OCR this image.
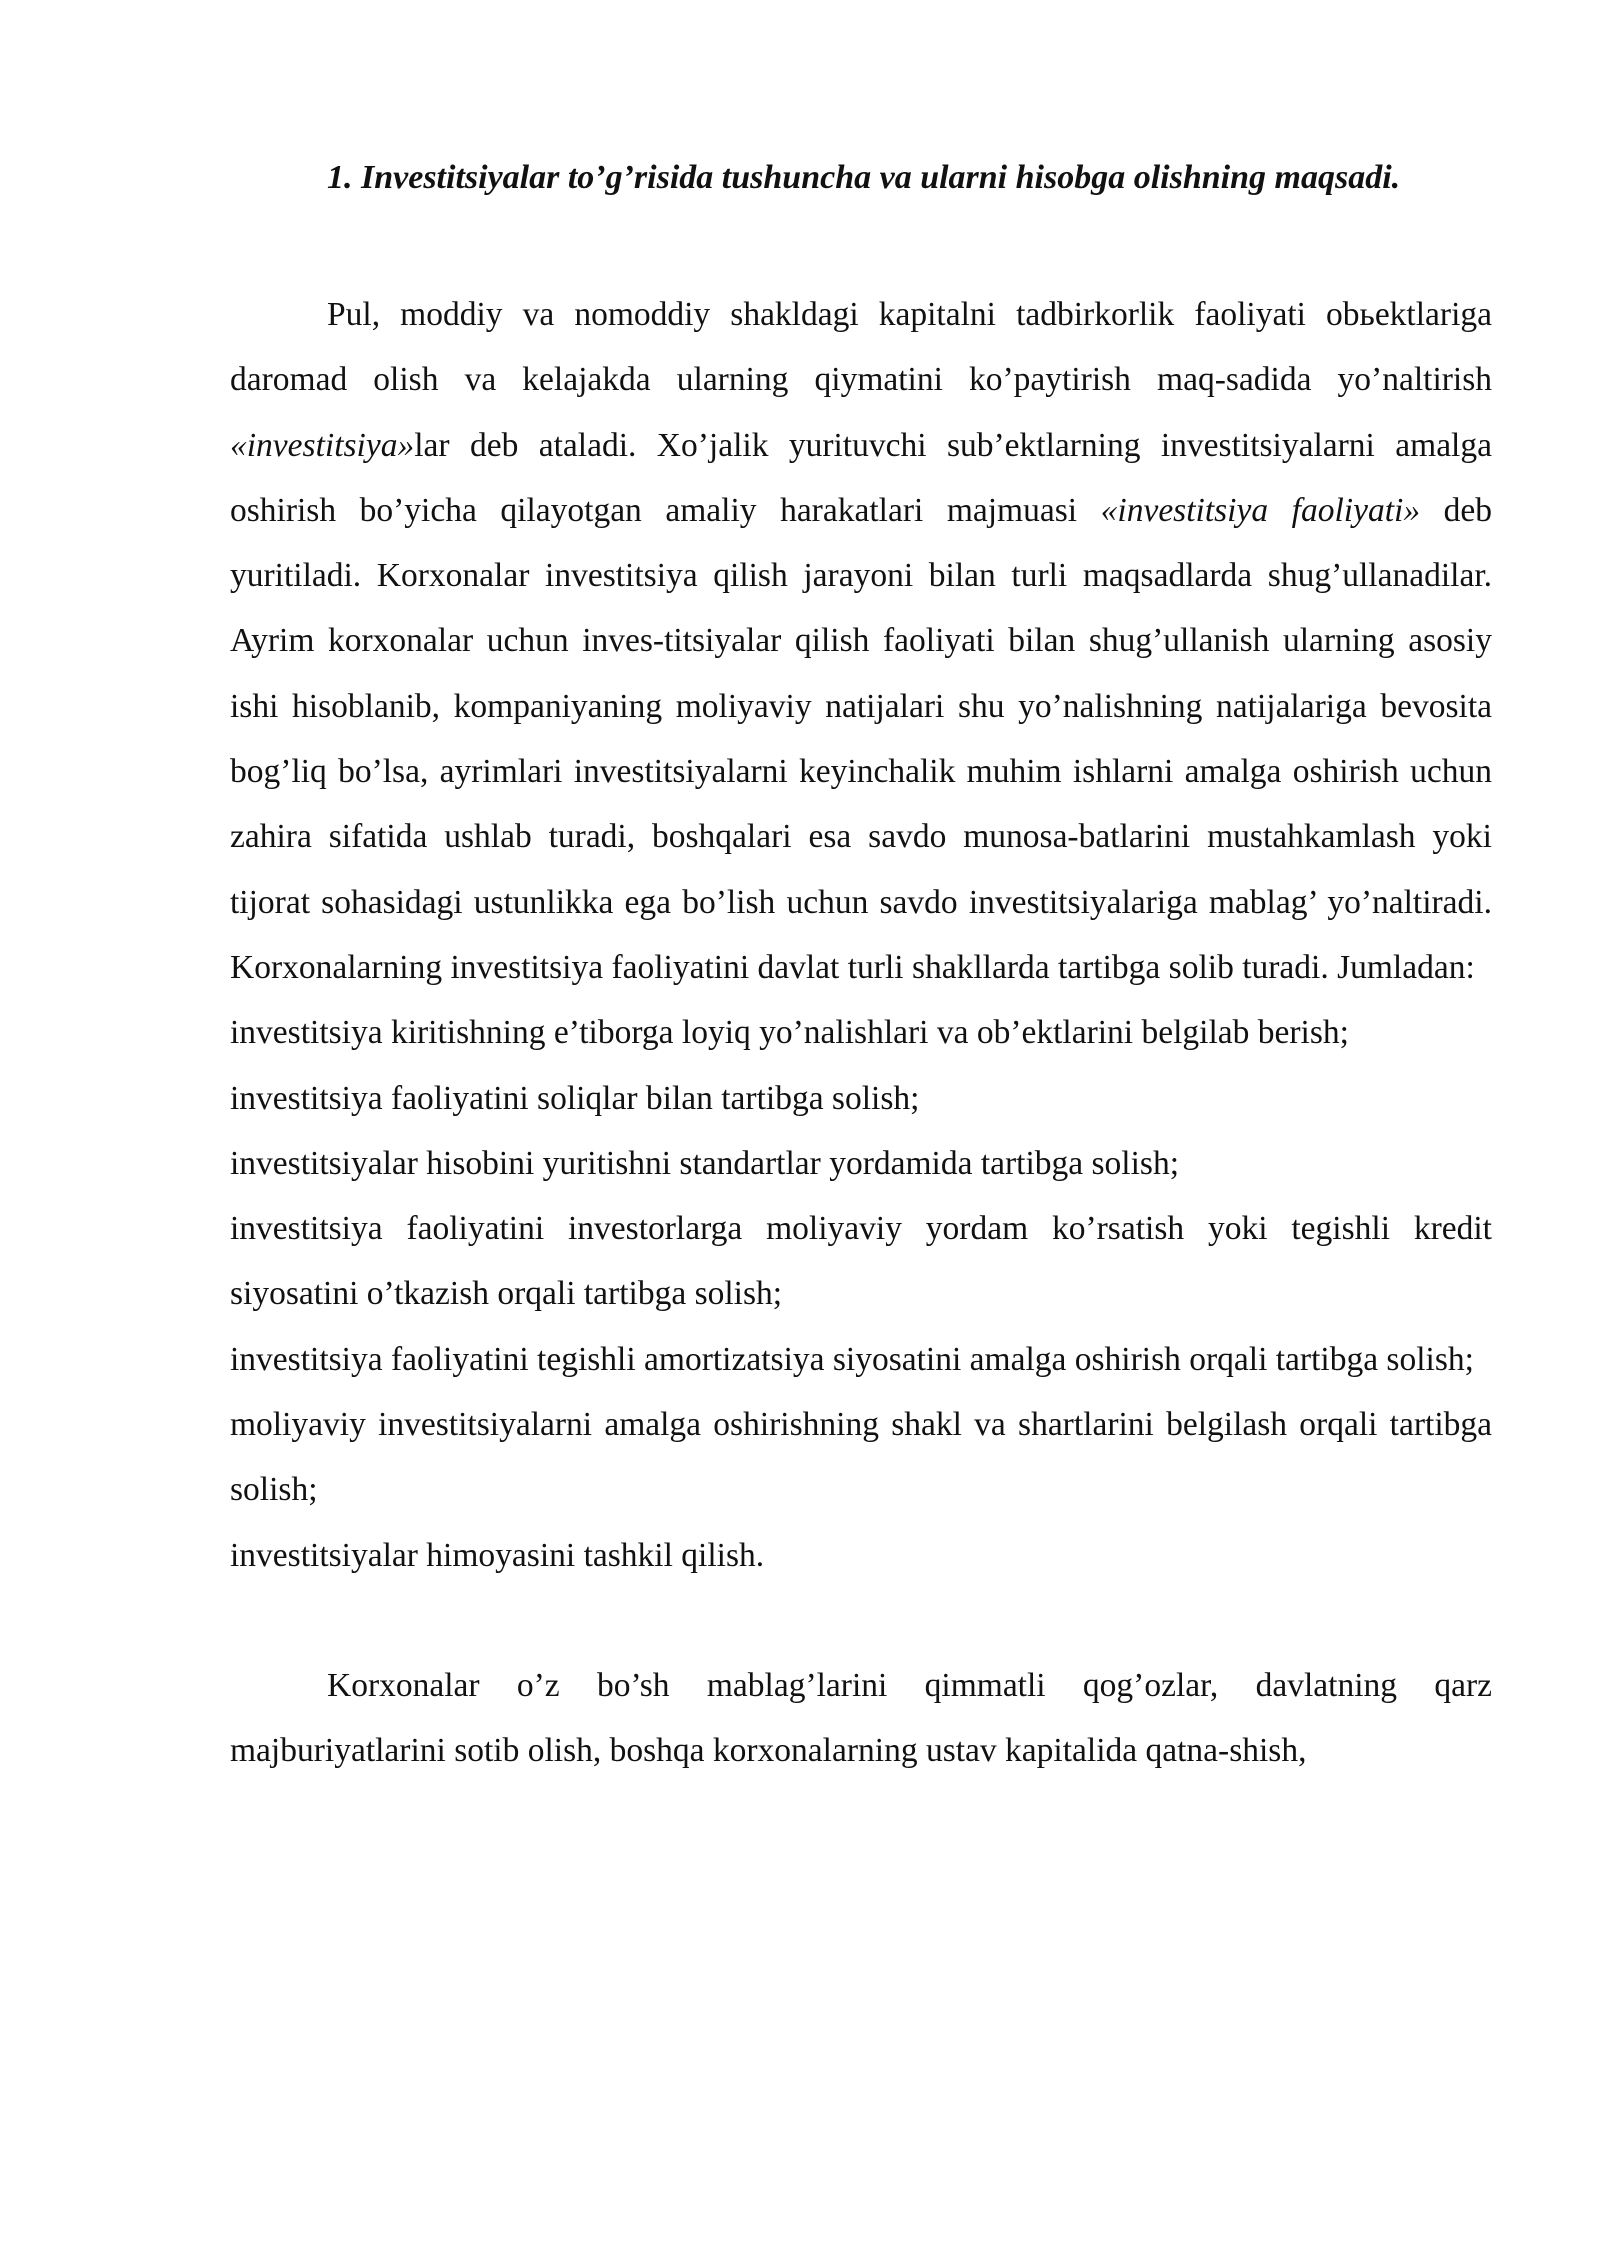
1. Investitsiyalar to’g’risida tushuncha va ularni hisobga olishning maqsadi.

Pul, moddiy va nomoddiy shakldagi kapitalni tadbirkorlik faoliyati obьektlariga daromad olish va kelajakda ularning qiymatini ko’paytirish maq-sadida yo’naltirish «investitsiya»lar deb ataladi. Xo’jalik yurituvchi sub’ektlarning investitsiyalarni amalga oshirish bo’yicha qilayotgan amaliy harakatlari majmuasi «investitsiya faoliyati» deb yuritiladi. Korxonalar investitsiya qilish jarayoni bilan turli maqsadlarda shug’ullanadilar. Ayrim korxonalar uchun inves-titsiyalar qilish faoliyati bilan shug’ullanish ularning asosiy ishi hisoblanib, kompaniyaning moliyaviy natijalari shu yo’nalishning natijalariga bevosita bog’liq bo’lsa, ayrimlari investitsiyalarni keyinchalik muhim ishlarni amalga oshirish uchun zahira sifatida ushlab turadi, boshqalari esa savdo munosa-batlarini mustahkamlash yoki tijorat sohasidagi ustunlikka ega bo’lish uchun savdo investitsiyalariga mablag’ yo’naltiradi. Korxonalarning investitsiya faoliyatini davlat turli shakllarda tartibga solib turadi. Jumladan:

investitsiya kiritishning e’tiborga loyiq yo’nalishlari va ob’ektlarini belgilab berish;

investitsiya faoliyatini soliqlar bilan tartibga solish;

investitsiyalar hisobini yuritishni standartlar yordamida tartibga solish;

investitsiya faoliyatini investorlarga moliyaviy yordam ko’rsatish yoki tegishli kredit siyosatini o’tkazish orqali tartibga solish;

investitsiya faoliyatini tegishli amortizatsiya siyosatini amalga oshirish orqali tartibga solish;

moliyaviy investitsiyalarni amalga oshirishning shakl va shartlarini belgilash orqali tartibga solish;

investitsiyalar himoyasini tashkil qilish.

Korxonalar o’z bo’sh mablag’larini qimmatli qog’ozlar, davlatning qarz majburiyatlarini sotib olish, boshqa korxonalarning ustav kapitalida qatna-shish,
